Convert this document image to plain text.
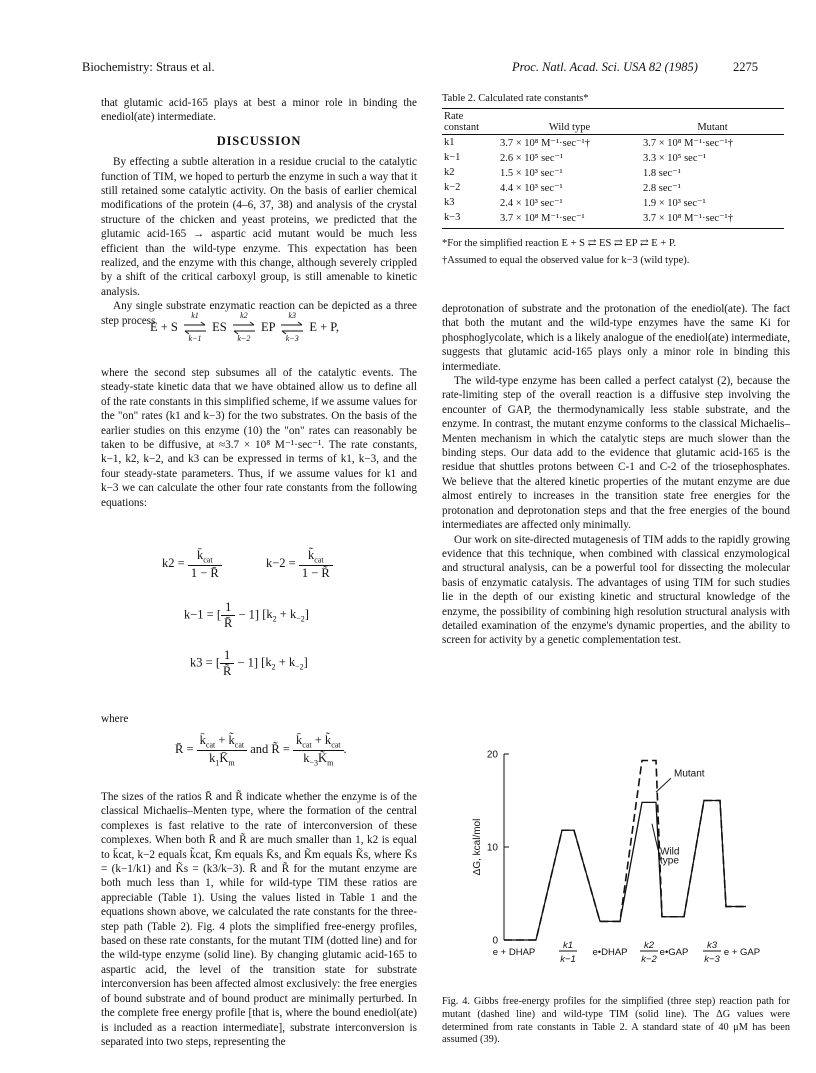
Biochemistry: Straus et al.	Proc. Natl. Acad. Sci. USA 82 (1985)	2275

that glutamic acid-165 plays at best a minor role in binding the enediol(ate) intermediate.

DISCUSSION

By effecting a subtle alteration in a residue crucial to the catalytic function of TIM, we hoped to perturb the enzyme in such a way that it still retained some catalytic activity. On the basis of earlier chemical modifications of the protein (4–6, 37, 38) and analysis of the crystal structure of the chicken and yeast proteins, we predicted that the glutamic acid-165 → aspartic acid mutant would be much less efficient than the wild-type enzyme. This expectation has been realized, and the enzyme with this change, although severely crippled by a shift of the critical carboxyl group, is still amenable to kinetic analysis.

Any single substrate enzymatic reaction can be depicted as a three step process

E + S
k1
k−1
ES
k2
k−2
EP
k3
k−3
E + P,

where the second step subsumes all of the catalytic events. The steady-state kinetic data that we have obtained allow us to define all of the rate constants in this simplified scheme, if we assume values for the "on" rates (k1 and k−3) for the two substrates. On the basis of the earlier studies on this enzyme (10) the "on" rates can reasonably be taken to be diffusive, at ≈3.7 × 10⁸ M⁻¹·sec⁻¹. The rate constants, k−1, k2, k−2, and k3 can be expressed in terms of k1, k−3, and the four steady-state parameters. Thus, if we assume values for k1 and k−3 we can calculate the other four rate constants from the following equations:

$k2 = \frac{k̄_{cat}}{1 - R̄}$	$k-2 = \frac{k̃_{cat}}{1 - R̃}$
k−1 = [ $\frac{1}{R̄} - 1$] $[k_2 + k_{-2}]$
k3 = [ $\frac{1}{R̃} - 1$] $[k_2 + k_{-2}]$
where
R̄ = $\frac{k̄_{cat} + k̃_{cat}}{k_1K̄_m}$ and R̃ = $\frac{k̄_{cat} + k̃_{cat}}{k_{-3}K̃_m}$ .

The sizes of the ratios R̄ and R̃ indicate whether the enzyme is of the classical Michaelis–Menten type, where the formation of the central complexes is fast relative to the rate of interconversion of these complexes. When both R̄ and R̃ are much smaller than 1, k2 is equal to k̄cat, k−2 equals k̃cat, K̄m equals K̄s, and K̃m equals K̃s, where K̄s = (k−1/k1) and K̃s = (k3/k−3). R̄ and R̃ for the mutant enzyme are both much less than 1, while for wild-type TIM these ratios are appreciable (Table 1). Using the values listed in Table 1 and the equations shown above, we calculated the rate constants for the three-step path (Table 2). Fig. 4 plots the simplified free-energy profiles, based on these rate constants, for the mutant TIM (dotted line) and for the wild-type enzyme (solid line). By changing glutamic acid-165 to aspartic acid, the level of the transition state for substrate interconversion has been affected almost exclusively: the free energies of bound substrate and of bound product are minimally perturbed. In the complete free energy profile [that is, where the bound enediol(ate) is included as a reaction intermediate], substrate interconversion is separated into two steps, representing the

Table 2. Calculated rate constants*
Rate constant	Wild type	Mutant
k1	3.7 × 10⁸ M⁻¹·sec⁻¹†	3.7 × 10⁸ M⁻¹·sec⁻¹†
k−1	2.6 × 10⁵ sec⁻¹	3.3 × 10⁵ sec⁻¹
k2	1.5 × 10³ sec⁻¹	1.8 sec⁻¹
k−2	4.4 × 10³ sec⁻¹	2.8 sec⁻¹
k3	2.4 × 10³ sec⁻¹	1.9 × 10³ sec⁻¹
k−3	3.7 × 10⁸ M⁻¹·sec⁻¹	3.7 × 10⁸ M⁻¹·sec⁻¹†
*For the simplified reaction E + S ⇄ ES ⇄ EP ⇄ E + P.
†Assumed to equal the observed value for k−3 (wild type).

deprotonation of substrate and the protonation of the enediol(ate). The fact that both the mutant and the wild-type enzymes have the same Ki for phosphoglycolate, which is a likely analogue of the enediol(ate) intermediate, suggests that glutamic acid-165 plays only a minor role in binding this intermediate.

The wild-type enzyme has been called a perfect catalyst (2), because the rate-limiting step of the overall reaction is a diffusive step involving the encounter of GAP, the thermodynamically less stable substrate, and the enzyme. In contrast, the mutant enzyme conforms to the classical Michaelis–Menten mechanism in which the catalytic steps are much slower than the binding steps. Our data add to the evidence that glutamic acid-165 is the residue that shuttles protons between C-1 and C-2 of the triosephosphates. We believe that the altered kinetic properties of the mutant enzyme are due almost entirely to increases in the transition state free energies for the protonation and deprotonation steps and that the free energies of the bound intermediates are affected only minimally.

Our work on site-directed mutagenesis of TIM adds to the rapidly growing evidence that this technique, when combined with classical enzymological and structural analysis, can be a powerful tool for dissecting the molecular basis of enzymatic catalysis. The advantages of using TIM for such studies lie in the depth of our existing kinetic and structural knowledge of the enzyme, the possibility of combining high resolution structural analysis with detailed examination of the enzyme's dynamic properties, and the ability to screen for activity by a genetic complementation test.

0
10
20
ΔG, kcal/mol
Mutant
Wild
type
e + DHAP	e•DHAP	e•GAP	e + GAP
k1
k−1
k2
k−2
k3
k−3
Fig. 4. Gibbs free-energy profiles for the simplified (three step) reaction path for mutant (dashed line) and wild-type TIM (solid line). The ΔG values were determined from rate constants in Table 2. A standard state of 40 μM has been assumed (39).
